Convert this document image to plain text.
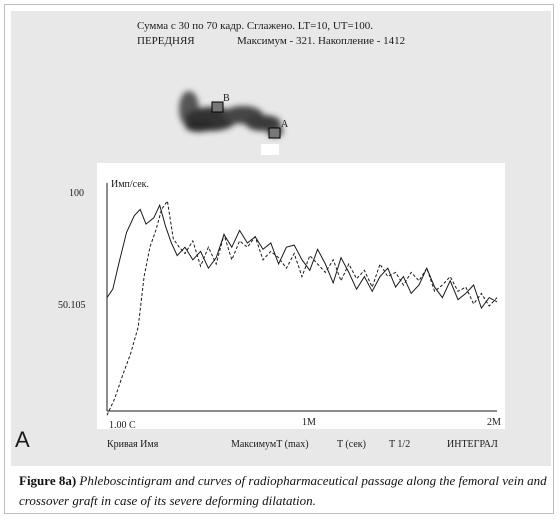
Сумма с 30 по 70 кадр. Сглажено. LT=10, UT=100.
ПЕРЕДНЯЯ	Максимум - 321. Накопление - 1412
B
A
Имп/сек.
100
50.105
1.00 C	1M	2M
A	Кривая Имя	МаксимумT (max)	T (сек) T 1/2	ИНТЕГРАЛ
Figure 8a) Phleboscintigram and curves of radiopharmaceutical passage along the femoral vein and crossover graft in case of its severe deforming dilatation.
